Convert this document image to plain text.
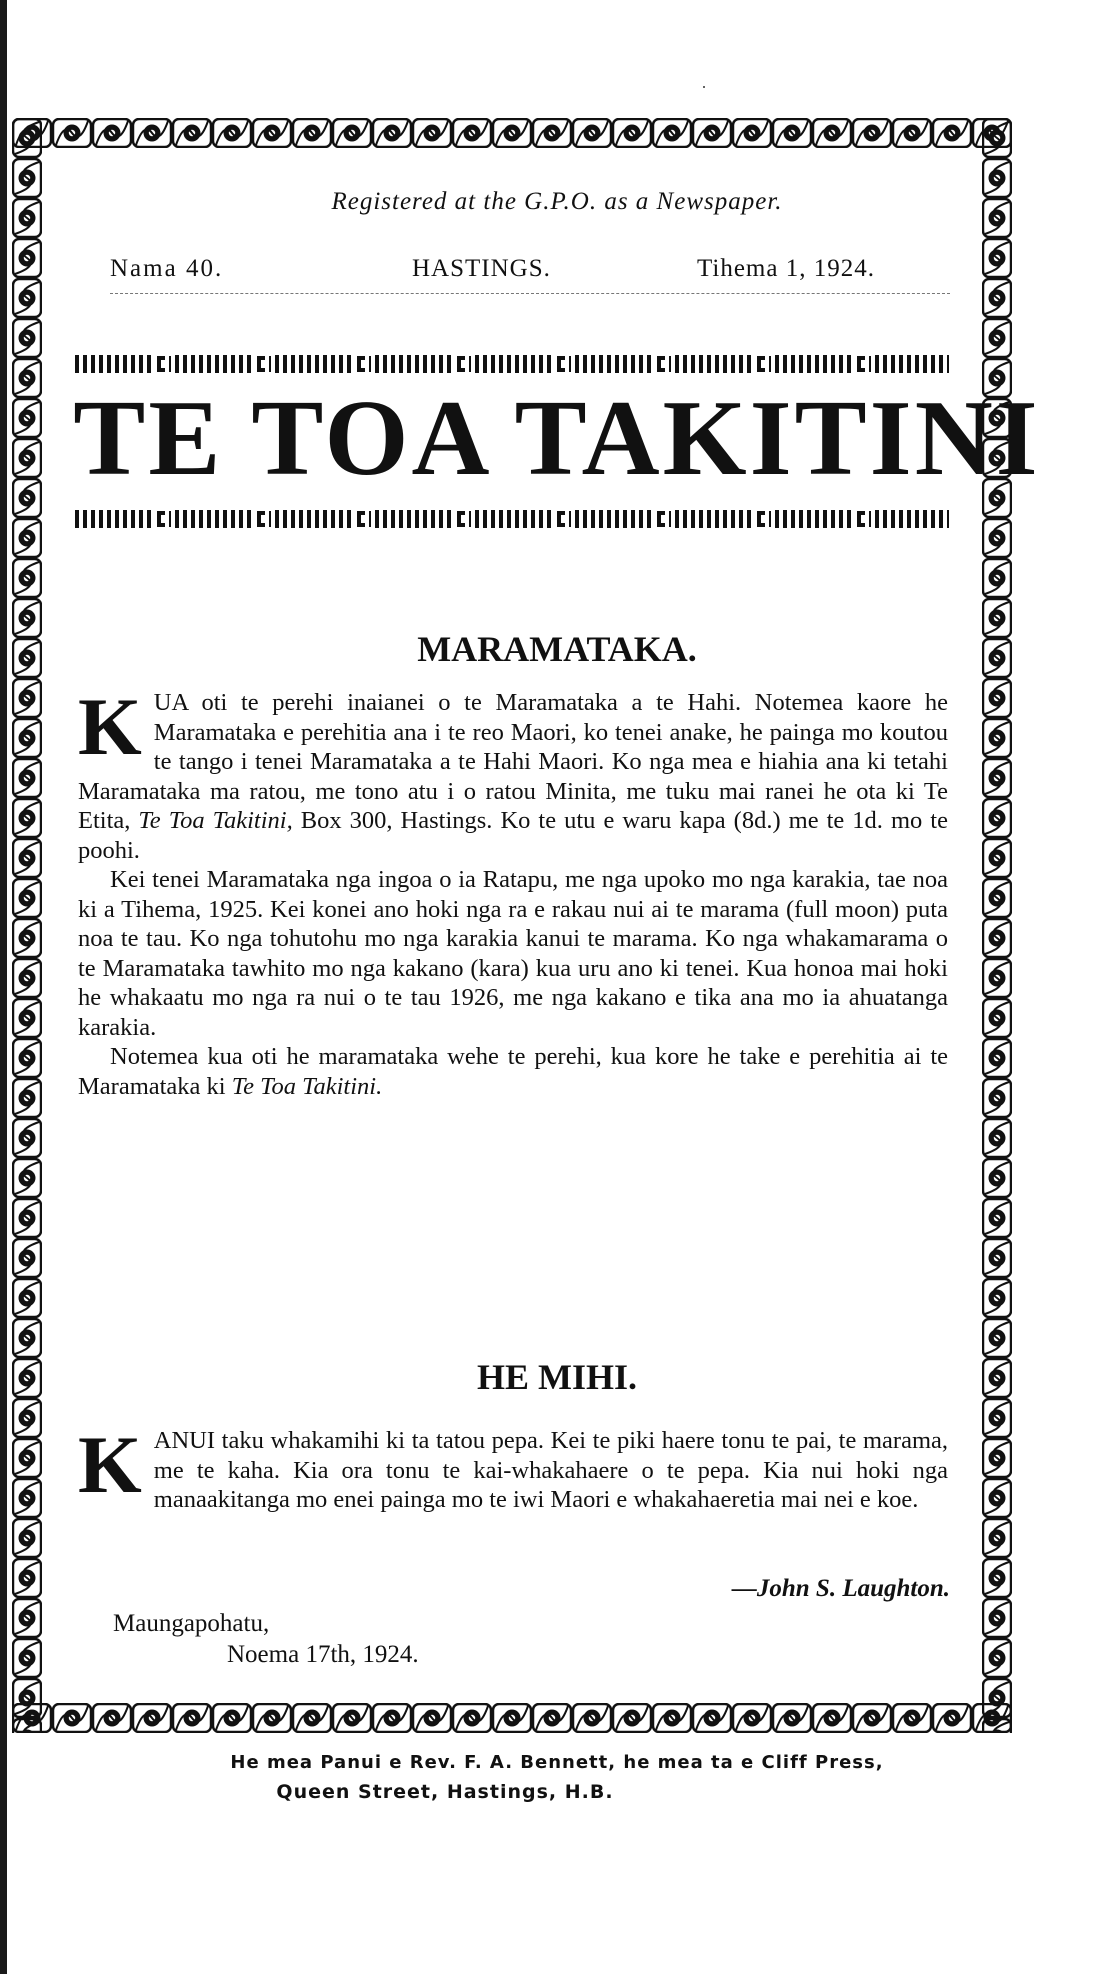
Registered at the G.P.O. as a Newspaper.
Nama 40.	HASTINGS.	Tihema 1, 1924.
TE TOA TAKITINI
MARAMATAKA.

KUA oti te perehi inaianei o te Maramataka a te Hahi. Notemea kaore he Maramataka e perehitia ana i te reo Maori, ko tenei anake, he painga mo koutou te tango i tenei Maramataka a te Hahi Maori. Ko nga mea e hiahia ana ki tetahi Maramataka ma ratou, me tono atu i o ratou Minita, me tuku mai ranei he ota ki Te Etita, Te Toa Takitini, Box 300, Hastings. Ko te utu e waru kapa (8d.) me te 1d. mo te poohi.

Kei tenei Maramataka nga ingoa o ia Ratapu, me nga upoko mo nga karakia, tae noa ki a Tihema, 1925. Kei konei ano hoki nga ra e rakau nui ai te marama (full moon) puta noa te tau. Ko nga tohutohu mo nga karakia kanui te marama. Ko nga whakamarama o te Maramataka tawhito mo nga kakano (kara) kua uru ano ki tenei. Kua honoa mai hoki he whakaatu mo nga ra nui o te tau 1926, me nga kakano e tika ana mo ia ahuatanga karakia.

Notemea kua oti he maramataka wehe te perehi, kua kore he take e perehitia ai te Maramataka ki Te Toa Takitini.

HE MIHI.

KANUI taku whakamihi ki ta tatou pepa. Kei te piki haere tonu te pai, te marama, me te kaha. Kia ora tonu te kai-whakahaere o te pepa. Kia nui hoki nga manaakitanga mo enei painga mo te iwi Maori e whakahaeretia mai nei e koe.

—John S. Laughton.
Maungapohatu,
Noema 17th, 1924.
He mea Panui e Rev. F. A. Bennett, he mea ta e Cliff Press,
Queen Street, Hastings, H.B.
